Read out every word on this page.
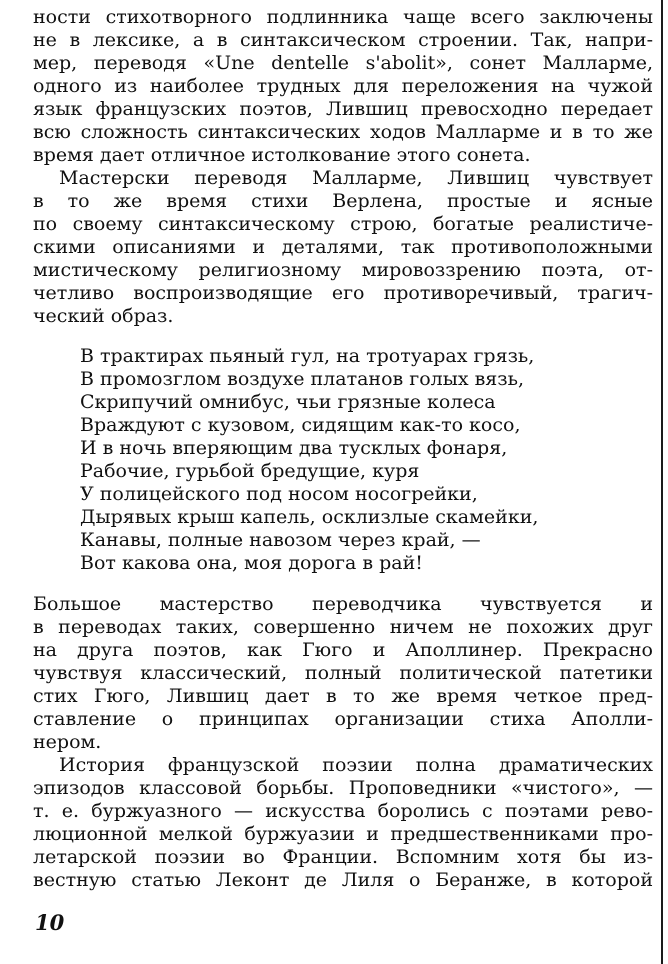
ности стихотворного подлинника чаще всего заключены
не в лексике, а в синтаксическом строении. Так, напри-
мер, переводя «Une dentelle s'abolit», сонет Малларме,
одного из наиболее трудных для переложения на чужой
язык французских поэтов, Лившиц превосходно передает
всю сложность синтаксических ходов Малларме и в то же
время дает отличное истолкование этого сонета.
Мастерски переводя Малларме, Лившиц чувствует
в то же время стихи Верлена, простые и ясные
по своему синтаксическому строю, богатые реалистиче-
скими описаниями и деталями, так противоположными
мистическому религиозному мировоззрению поэта, от-
четливо воспроизводящие его противоречивый, трагич-
ческий образ.
В трактирах пьяный гул, на тротуарах грязь,
В промозглом воздухе платанов голых вязь,
Скрипучий омнибус, чьи грязные колеса
Враждуют с кузовом, сидящим как-то косо,
И в ночь вперяющим два тусклых фонаря,
Рабочие, гурьбой бредущие, куря
У полицейского под носом носогрейки,
Дырявых крыш капель, осклизлые скамейки,
Канавы, полные навозом через край, —
Вот какова она, моя дорога в рай!
Большое мастерство переводчика чувствуется и
в переводах таких, совершенно ничем не похожих друг
на друга поэтов, как Гюго и Аполлинер. Прекрасно
чувствуя классический, полный политической патетики
стих Гюго, Лившиц дает в то же время четкое пред-
ставление о принципах организации стиха Аполли-
нером.
История французской поэзии полна драматических
эпизодов классовой борьбы. Проповедники «чистого», —
т. е. буржуазного — искусства боролись с поэтами рево-
люционной мелкой буржуазии и предшественниками про-
летарской поэзии во Франции. Вспомним хотя бы из-
вестную статью Леконт де Лиля о Беранже, в которой
10
